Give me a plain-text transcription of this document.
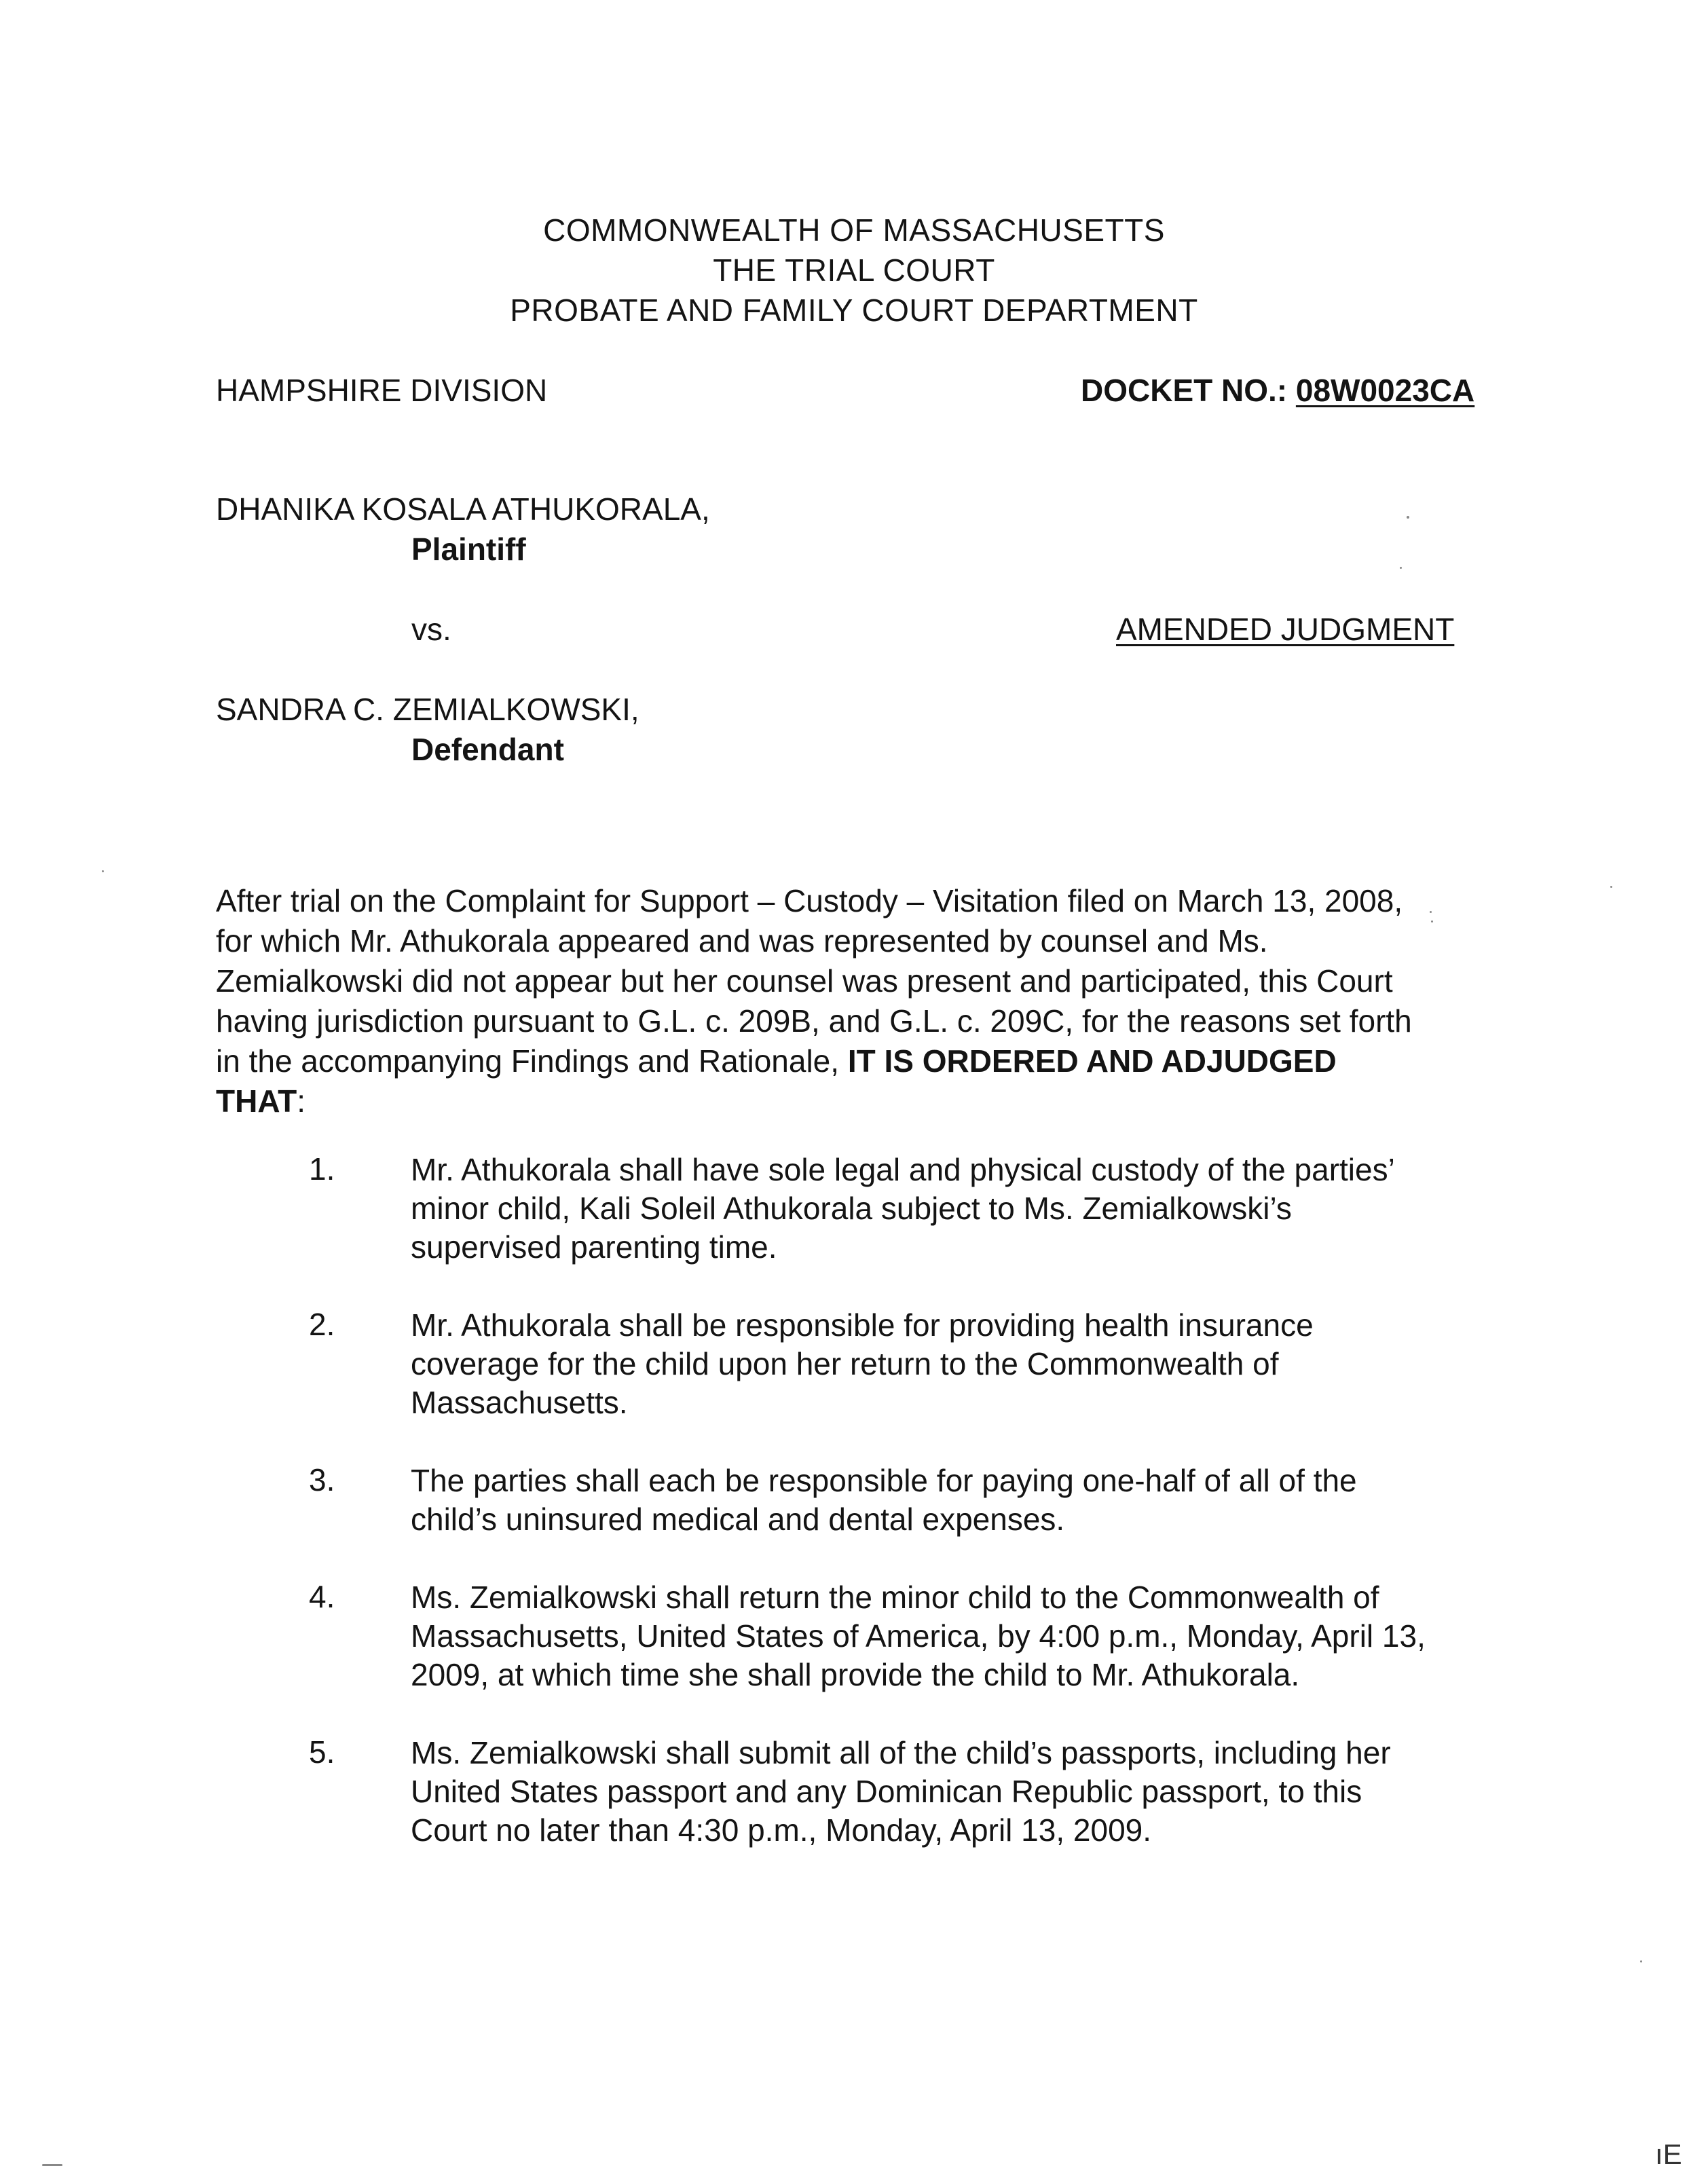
COMMONWEALTH OF MASSACHUSETTS
THE TRIAL COURT
PROBATE AND FAMILY COURT DEPARTMENT
HAMPSHIRE DIVISION	DOCKET NO.: 08W0023CA
DHANIKA KOSALA ATHUKORALA,
Plaintiff
vs.	AMENDED JUDGMENT
SANDRA C. ZEMIALKOWSKI,
Defendant
After trial on the Complaint for Support – Custody – Visitation filed on March 13, 2008,
for which Mr. Athukorala appeared and was represented by counsel and Ms.
Zemialkowski did not appear but her counsel was present and participated, this Court
having jurisdiction pursuant to G.L. c. 209B, and G.L. c. 209C, for the reasons set forth
in the accompanying Findings and Rationale, IT IS ORDERED AND ADJUDGED
THAT:
1. Mr. Athukorala shall have sole legal and physical custody of the parties’
minor child, Kali Soleil Athukorala subject to Ms. Zemialkowski’s
supervised parenting time.
2. Mr. Athukorala shall be responsible for providing health insurance
coverage for the child upon her return to the Commonwealth of
Massachusetts.
3. The parties shall each be responsible for paying one-half of all of the
child’s uninsured medical and dental expenses.
4. Ms. Zemialkowski shall return the minor child to the Commonwealth of
Massachusetts, United States of America, by 4:00 p.m., Monday, April 13,
2009, at which time she shall provide the child to Mr. Athukorala.
5. Ms. Zemialkowski shall submit all of the child’s passports, including her
United States passport and any Dominican Republic passport, to this
Court no later than 4:30 p.m., Monday, April 13, 2009.
ıΕ
